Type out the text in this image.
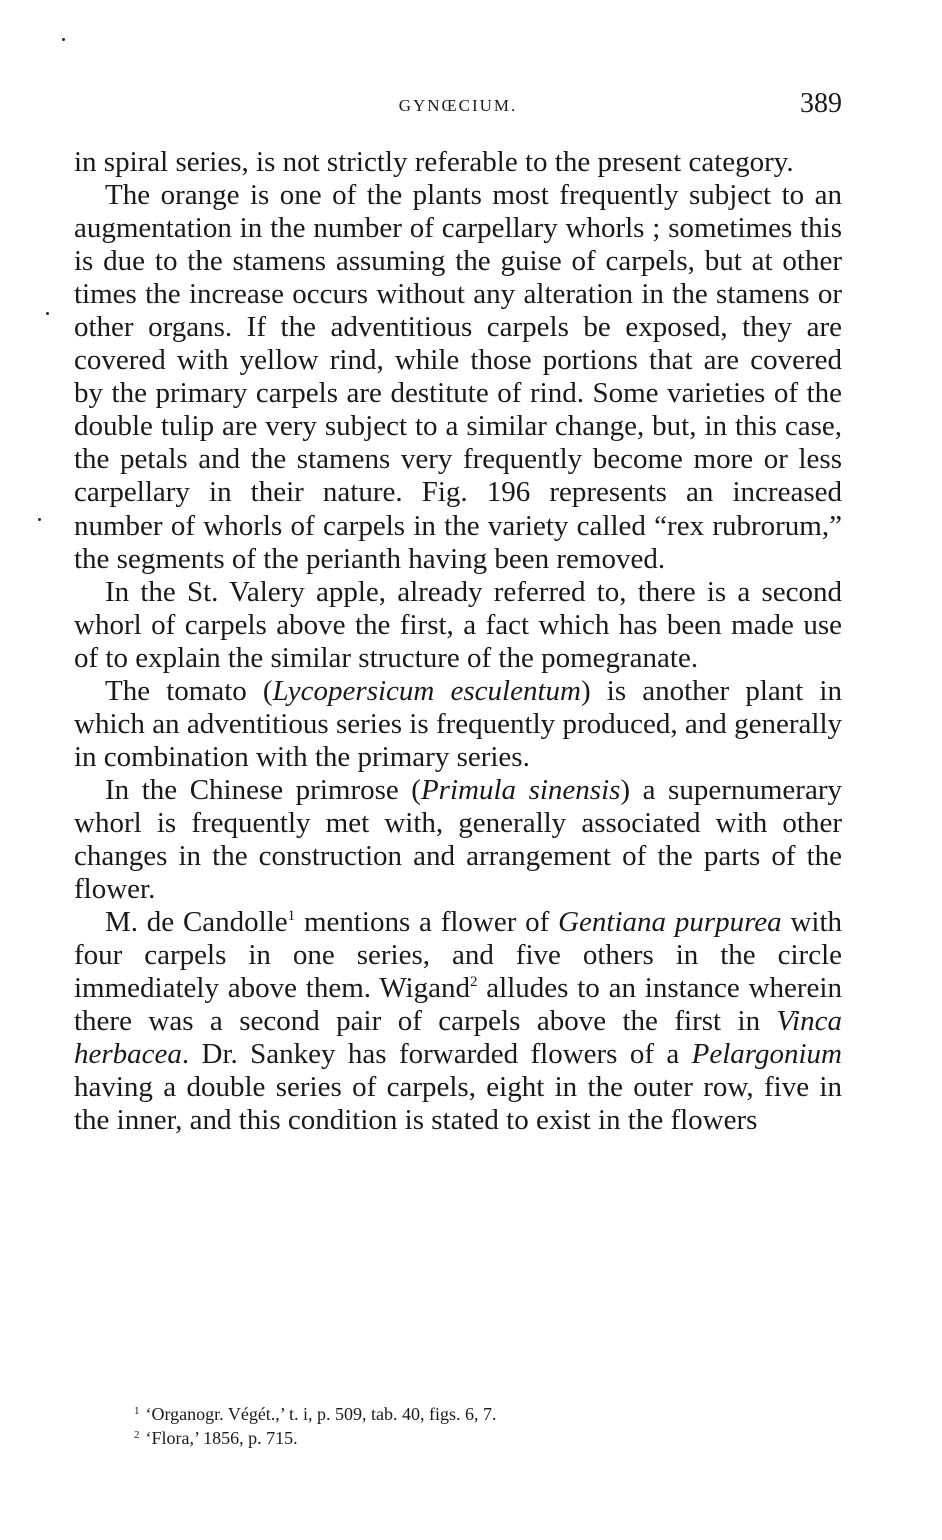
GYNŒCIUM.	389

in spiral series, is not strictly referable to the present category.

The orange is one of the plants most frequently subject to an augmentation in the number of carpellary whorls ; sometimes this is due to the stamens assuming the guise of carpels, but at other times the increase occurs without any alteration in the stamens or other organs. If the adventitious carpels be exposed, they are covered with yellow rind, while those portions that are covered by the primary carpels are destitute of rind. Some varieties of the double tulip are very subject to a similar change, but, in this case, the petals and the stamens very frequently become more or less carpellary in their nature. Fig. 196 represents an increased number of whorls of carpels in the variety called “rex rubrorum,” the segments of the perianth having been removed.

In the St. Valery apple, already referred to, there is a second whorl of carpels above the first, a fact which has been made use of to explain the similar structure of the pomegranate.

The tomato (Lycopersicum esculentum) is another plant in which an adventitious series is frequently produced, and generally in combination with the primary series.

In the Chinese primrose (Primula sinensis) a supernumerary whorl is frequently met with, generally associated with other changes in the construction and arrangement of the parts of the flower.

M. de Candolle$^1$ mentions a flower of Gentiana purpurea with four carpels in one series, and five others in the circle immediately above them. Wigand$^2$ alludes to an instance wherein there was a second pair of carpels above the first in Vinca herbacea. Dr. Sankey has forwarded flowers of a Pelargonium having a double series of carpels, eight in the outer row, five in the inner, and this condition is stated to exist in the flowers

$^1$ ‘Organogr. Végét.,’ t. i, p. 509, tab. 40, figs. 6, 7.
$^2$ ‘Flora,’ 1856, p. 715.
